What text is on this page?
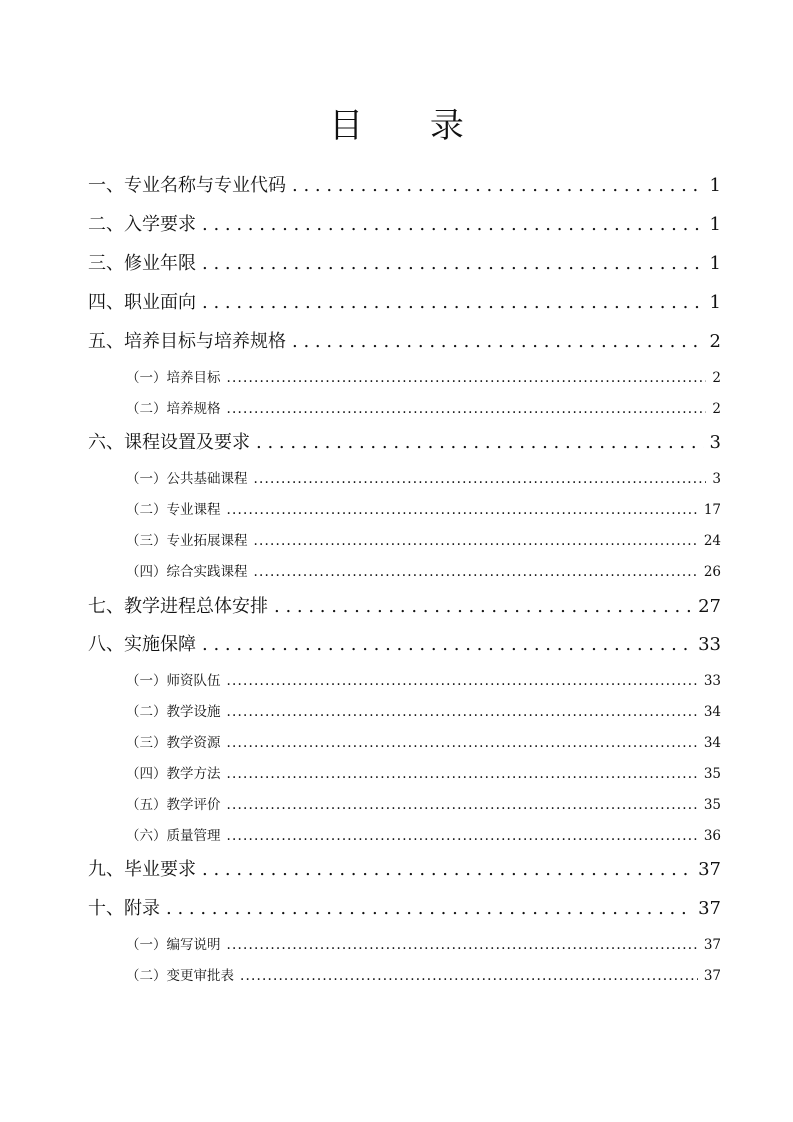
目 录
一、专业名称与专业代码 . . .	1
二、入学要求 . . .	1
三、修业年限 . . .	1
四、职业面向 . . .	1
五、培养目标与培养规格 . . .	2
（一）培养目标 .....	2
（二）培养规格 .....	2
六、课程设置及要求 . . .	3
（一）公共基础课程 .....	3
（二）专业课程 .....	17
（三）专业拓展课程 .....	24
（四）综合实践课程 .....	26
七、教学进程总体安排 . . .	27
八、实施保障 . . .	33
（一）师资队伍 .....	33
（二）教学设施 .....	34
（三）教学资源 .....	34
（四）教学方法 .....	35
（五）教学评价 .....	35
（六）质量管理 .....	36
九、毕业要求 . . .	37
十、附录 . . .	37
（一）编写说明 .....	37
（二）变更审批表 .....	37
